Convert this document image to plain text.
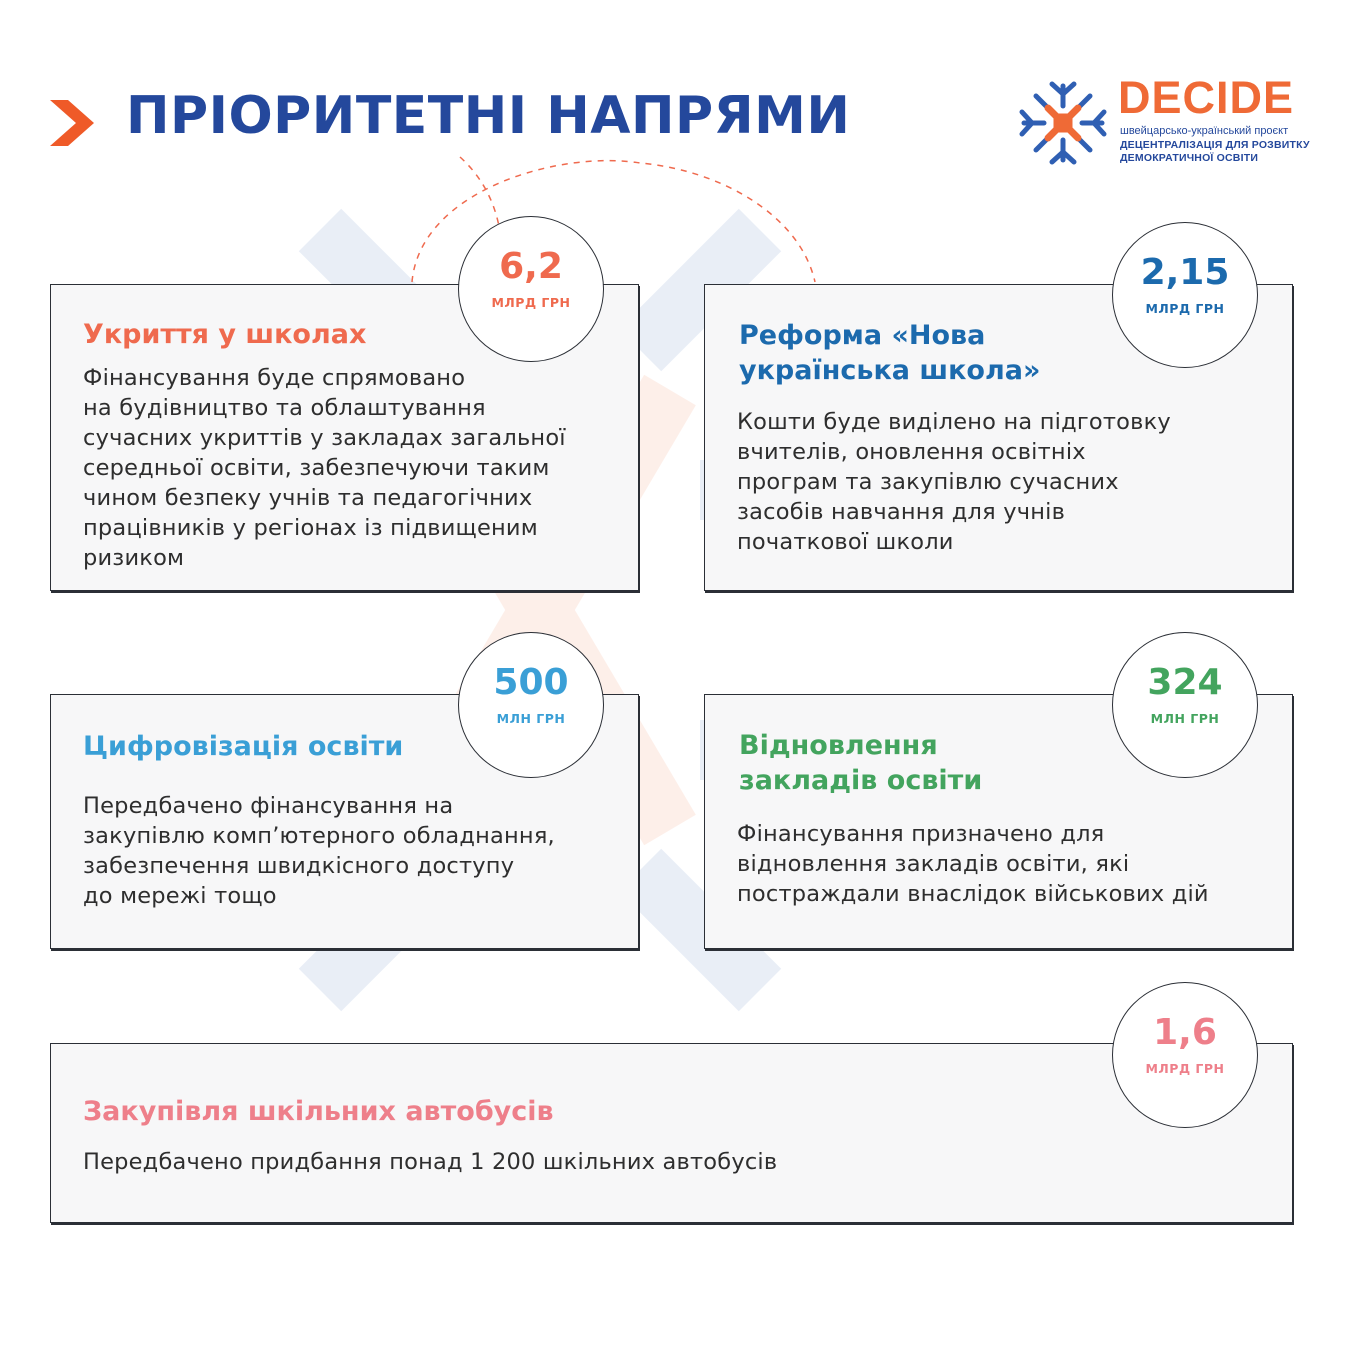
ПРІОРИТЕТНІ НАПРЯМИ	DECIDE
швейцарсько-український проєкт
ДЕЦЕНТРАЛІЗАЦІЯ ДЛЯ РОЗВИТКУ
ДЕМОКРАТИЧНОЇ ОСВІТИ
Укриття у школах
Фінансування буде спрямовано
на будівництво та облаштування
сучасних укриттів у закладах загальної
середньої освіти, забезпечуючи таким
чином безпеку учнів та педагогічних
працівників у регіонах із підвищеним
ризиком
6,2
МЛРД ГРН
Реформа «Нова
українська школа»
Кошти буде виділено на підготовку
вчителів, оновлення освітніх
програм та закупівлю сучасних
засобів навчання для учнів
початкової школи
2,15
МЛРД ГРН
Цифровізація освіти
Передбачено фінансування на
закупівлю комп’ютерного обладнання,
забезпечення швидкісного доступу
до мережі тощо
500
МЛН ГРН
Відновлення
закладів освіти
Фінансування призначено для
відновлення закладів освіти, які
постраждали внаслідок військових дій
324
МЛН ГРН
Закупівля шкільних автобусів
Передбачено придбання понад 1 200 шкільних автобусів
1,6
МЛРД ГРН
